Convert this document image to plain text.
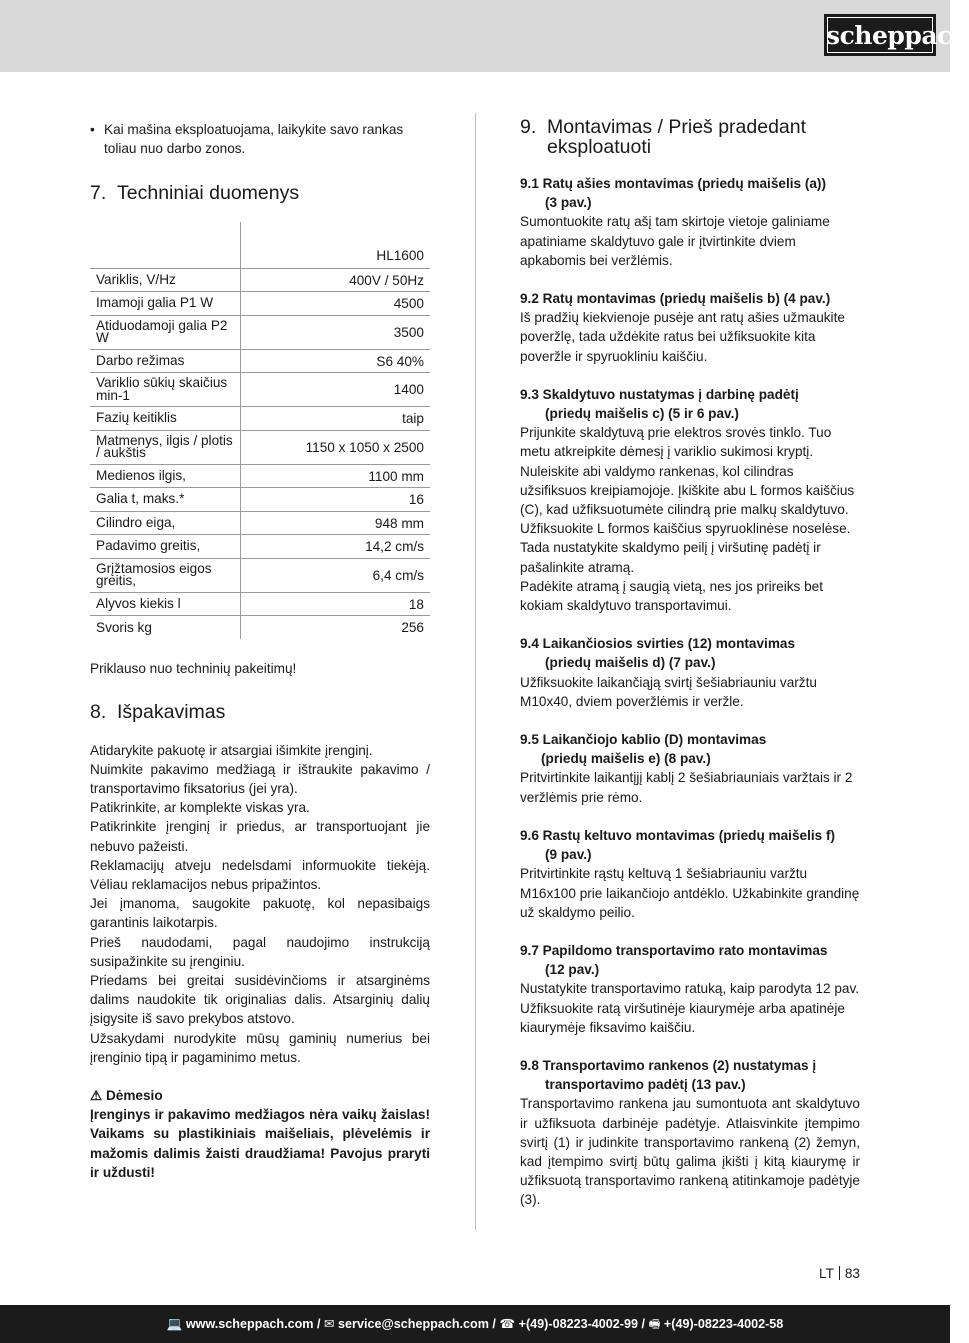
scheppach
• Kai mašina eksploatuojama, laikykite savo rankas toliau nuo darbo zonos.
7. Techniniai duomenys
	HL1600
Variklis, V/Hz	400V / 50Hz
Imamoji galia P1 W	4500
Atiduodamoji galia P2 W	3500
Darbo režimas	S6 40%
Variklio sūkių skaičius min-1	1400
Fazių keitiklis	taip
Matmenys, ilgis / plotis / aukštis	1150 x 1050 x 2500
Medienos ilgis,	1100 mm
Galia t, maks.*	16
Cilindro eiga,	948 mm
Padavimo greitis,	14,2 cm/s
Grįžtamosios eigos greitis,	6,4 cm/s
Alyvos kiekis l	18
Svoris kg	256

Priklauso nuo techninių pakeitimų!

8. Išpakavimas

Atidarykite pakuotę ir atsargiai išimkite įrenginį.

Nuimkite pakavimo medžiagą ir ištraukite pakavimo / transportavimo fiksatorius (jei yra).

Patikrinkite, ar komplekte viskas yra.

Patikrinkite įrenginį ir priedus, ar transportuojant jie nebuvo pažeisti.

Reklamacijų atveju nedelsdami informuokite tiekėją. Vėliau reklamacijos nebus pripažintos.

Jei įmanoma, saugokite pakuotę, kol nepasibaigs garantinis laikotarpis.

Prieš naudodami, pagal naudojimo instrukciją susipažinkite su įrenginiu.

Priedams bei greitai susidėvinčioms ir atsarginėms dalims naudokite tik originalias dalis. Atsarginių dalių įsigysite iš savo prekybos atstovo.

Užsakydami nurodykite mūsų gaminių numerius bei įrenginio tipą ir pagaminimo metus.

⚠ Dėmesio

Įrenginys ir pakavimo medžiagos nėra vaikų žaislas! Vaikams su plastikiniais maišeliais, plėvelėmis ir mažomis dalimis žaisti draudžiama! Pavojus praryti ir uždusti!

9. Montavimas / Prieš pradedant eksploatuoti
9.1 Ratų ašies montavimas (priedų maišelis (a))
(3 pav.)

Sumontuokite ratų ašį tam skirtoje vietoje galiniame apatiniame skaldytuvo gale ir įtvirtinkite dviem apkabomis bei veržlėmis.

9.2 Ratų montavimas (priedų maišelis b) (4 pav.)

Iš pradžių kiekvienoje pusėje ant ratų ašies užmaukite poveržlę, tada uždėkite ratus bei užfiksuokite kita poveržle ir spyruokliniu kaiščiu.

9.3 Skaldytuvo nustatymas į darbinę padėtį
(priedų maišelis c) (5 ir 6 pav.)

Prijunkite skaldytuvą prie elektros srovės tinklo. Tuo metu atkreipkite dėmesį į variklio sukimosi kryptį. Nuleiskite abi valdymo rankenas, kol cilindras užsifiksuos kreipiamojoje. Įkiškite abu L formos kaiščius (C), kad užfiksuotumėte cilindrą prie malkų skaldytuvo. Užfiksuokite L formos kaiščius spyruoklinėse noselėse. Tada nustatykite skaldymo peilį į viršutinę padėtį ir pašalinkite atramą.

Padėkite atramą į saugią vietą, nes jos prireiks bet kokiam skaldytuvo transportavimui.

9.4 Laikančiosios svirties (12) montavimas
(priedų maišelis d) (7 pav.)

Užfiksuokite laikančiąją svirtį šešiabriauniu varžtu M10x40, dviem poveržlėmis ir veržle.

9.5 Laikančiojo kablio (D) montavimas
(priedų maišelis e) (8 pav.)

Pritvirtinkite laikantįjį kablį 2 šešiabriauniais varžtais ir 2 veržlėmis prie rėmo.

9.6 Rastų keltuvo montavimas (priedų maišelis f)
(9 pav.)

Pritvirtinkite rąstų keltuvą 1 šešiabriauniu varžtu M16x100 prie laikančiojo antdėklo. Užkabinkite grandinę už skaldymo peilio.

9.7 Papildomo transportavimo rato montavimas
(12 pav.)

Nustatykite transportavimo ratuką, kaip parodyta 12 pav. Užfiksuokite ratą viršutinėje kiaurymėje arba apatinėje kiaurymėje fiksavimo kaiščiu.

9.8 Transportavimo rankenos (2) nustatymas į
transportavimo padėtį (13 pav.)

Transportavimo rankena jau sumontuota ant skaldytuvo ir užfiksuota darbinėje padėtyje. Atlaisvinkite įtempimo svirtį (1) ir judinkite transportavimo rankeną (2) žemyn, kad įtempimo svirtį būtų galima įkišti į kitą kiaurymę ir užfiksuotą transportavimo rankeną atitinkamoje padėtyje (3).

LT 83
💻 www.scheppach.com / ✉ service@scheppach.com / ☎ +(49)-08223-4002-99 / 🖷 +(49)-08223-4002-58
